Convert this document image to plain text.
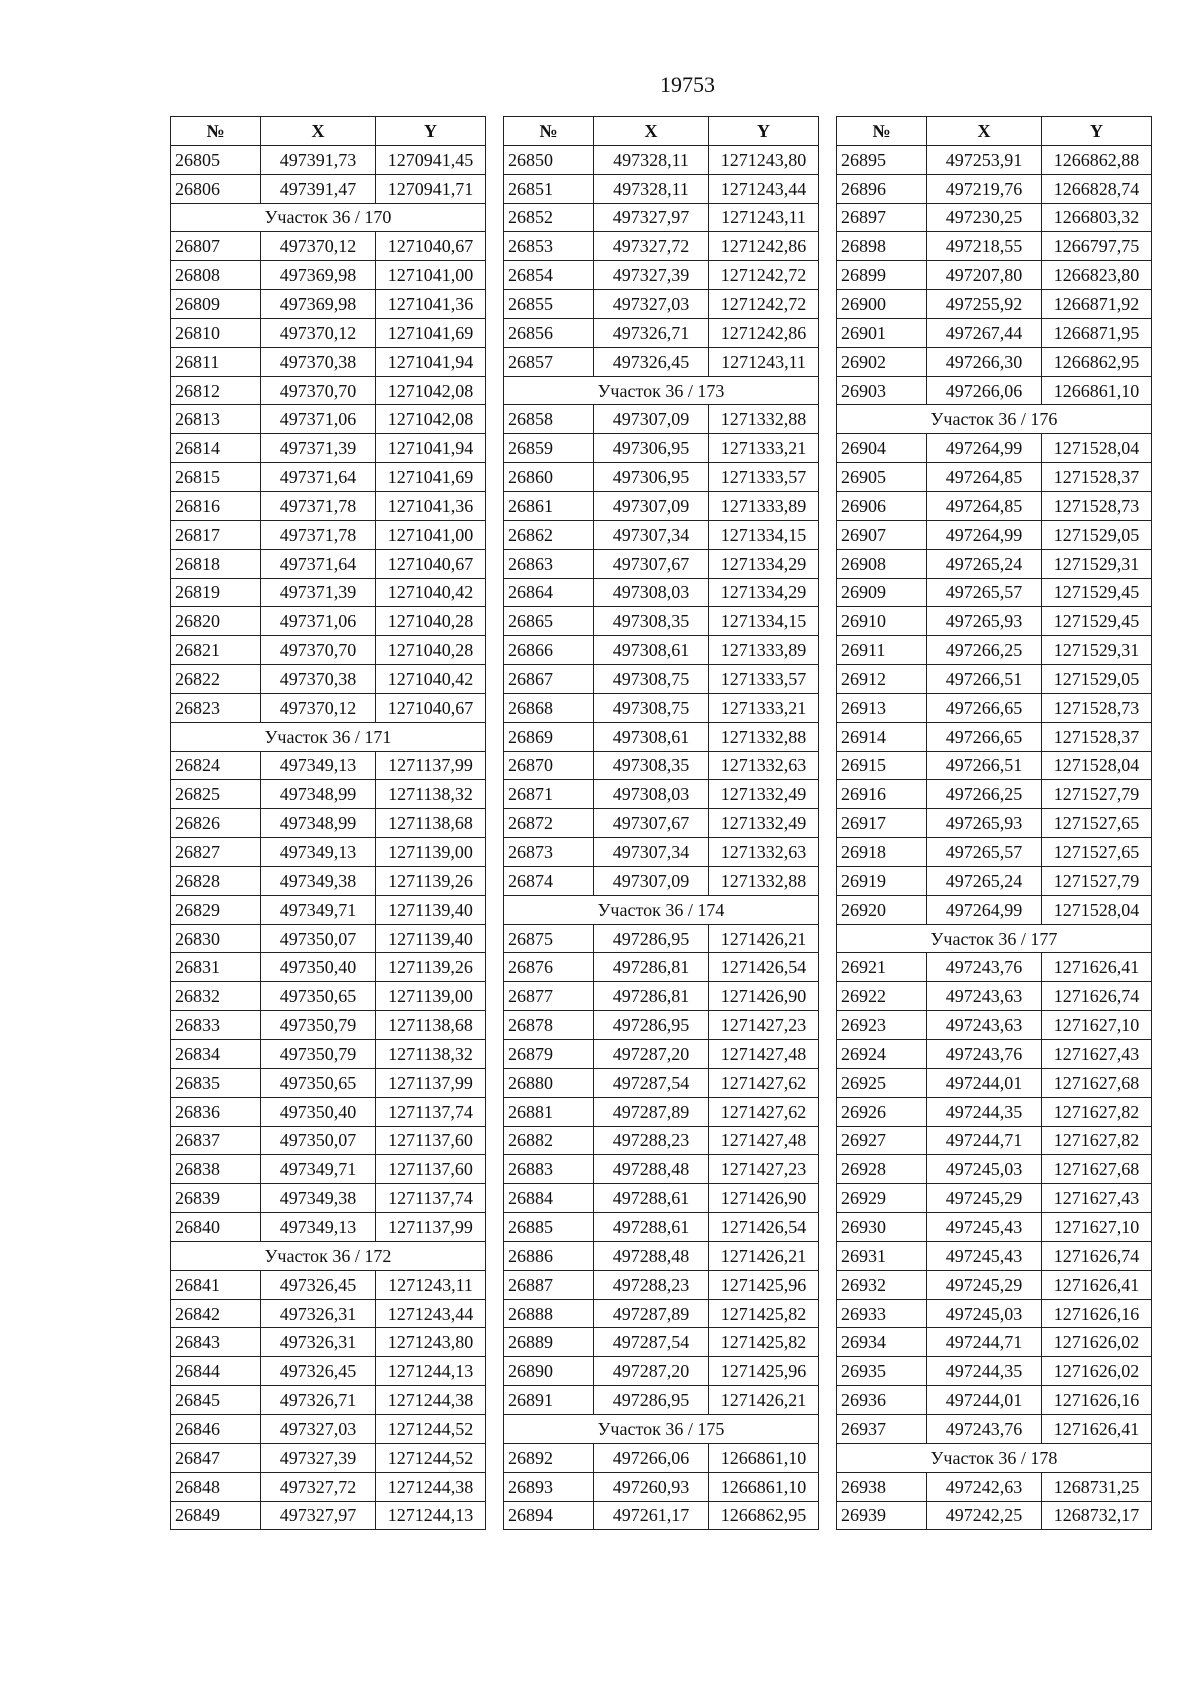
19753
№	X	Y
26805	497391,73	1270941,45
26806	497391,47	1270941,71
Участок 36 / 170		
26807	497370,12	1271040,67
26808	497369,98	1271041,00
26809	497369,98	1271041,36
26810	497370,12	1271041,69
26811	497370,38	1271041,94
26812	497370,70	1271042,08
26813	497371,06	1271042,08
26814	497371,39	1271041,94
26815	497371,64	1271041,69
26816	497371,78	1271041,36
26817	497371,78	1271041,00
26818	497371,64	1271040,67
26819	497371,39	1271040,42
26820	497371,06	1271040,28
26821	497370,70	1271040,28
26822	497370,38	1271040,42
26823	497370,12	1271040,67
Участок 36 / 171		
26824	497349,13	1271137,99
26825	497348,99	1271138,32
26826	497348,99	1271138,68
26827	497349,13	1271139,00
26828	497349,38	1271139,26
26829	497349,71	1271139,40
26830	497350,07	1271139,40
26831	497350,40	1271139,26
26832	497350,65	1271139,00
26833	497350,79	1271138,68
26834	497350,79	1271138,32
26835	497350,65	1271137,99
26836	497350,40	1271137,74
26837	497350,07	1271137,60
26838	497349,71	1271137,60
26839	497349,38	1271137,74
26840	497349,13	1271137,99
Участок 36 / 172		
26841	497326,45	1271243,11
26842	497326,31	1271243,44
26843	497326,31	1271243,80
26844	497326,45	1271244,13
26845	497326,71	1271244,38
26846	497327,03	1271244,52
26847	497327,39	1271244,52
26848	497327,72	1271244,38
26849	497327,97	1271244,13
№	X	Y
26850	497328,11	1271243,80
26851	497328,11	1271243,44
26852	497327,97	1271243,11
26853	497327,72	1271242,86
26854	497327,39	1271242,72
26855	497327,03	1271242,72
26856	497326,71	1271242,86
26857	497326,45	1271243,11
Участок 36 / 173		
26858	497307,09	1271332,88
26859	497306,95	1271333,21
26860	497306,95	1271333,57
26861	497307,09	1271333,89
26862	497307,34	1271334,15
26863	497307,67	1271334,29
26864	497308,03	1271334,29
26865	497308,35	1271334,15
26866	497308,61	1271333,89
26867	497308,75	1271333,57
26868	497308,75	1271333,21
26869	497308,61	1271332,88
26870	497308,35	1271332,63
26871	497308,03	1271332,49
26872	497307,67	1271332,49
26873	497307,34	1271332,63
26874	497307,09	1271332,88
Участок 36 / 174		
26875	497286,95	1271426,21
26876	497286,81	1271426,54
26877	497286,81	1271426,90
26878	497286,95	1271427,23
26879	497287,20	1271427,48
26880	497287,54	1271427,62
26881	497287,89	1271427,62
26882	497288,23	1271427,48
26883	497288,48	1271427,23
26884	497288,61	1271426,90
26885	497288,61	1271426,54
26886	497288,48	1271426,21
26887	497288,23	1271425,96
26888	497287,89	1271425,82
26889	497287,54	1271425,82
26890	497287,20	1271425,96
26891	497286,95	1271426,21
Участок 36 / 175		
26892	497266,06	1266861,10
26893	497260,93	1266861,10
26894	497261,17	1266862,95
№	X	Y
26895	497253,91	1266862,88
26896	497219,76	1266828,74
26897	497230,25	1266803,32
26898	497218,55	1266797,75
26899	497207,80	1266823,80
26900	497255,92	1266871,92
26901	497267,44	1266871,95
26902	497266,30	1266862,95
26903	497266,06	1266861,10
Участок 36 / 176		
26904	497264,99	1271528,04
26905	497264,85	1271528,37
26906	497264,85	1271528,73
26907	497264,99	1271529,05
26908	497265,24	1271529,31
26909	497265,57	1271529,45
26910	497265,93	1271529,45
26911	497266,25	1271529,31
26912	497266,51	1271529,05
26913	497266,65	1271528,73
26914	497266,65	1271528,37
26915	497266,51	1271528,04
26916	497266,25	1271527,79
26917	497265,93	1271527,65
26918	497265,57	1271527,65
26919	497265,24	1271527,79
26920	497264,99	1271528,04
Участок 36 / 177		
26921	497243,76	1271626,41
26922	497243,63	1271626,74
26923	497243,63	1271627,10
26924	497243,76	1271627,43
26925	497244,01	1271627,68
26926	497244,35	1271627,82
26927	497244,71	1271627,82
26928	497245,03	1271627,68
26929	497245,29	1271627,43
26930	497245,43	1271627,10
26931	497245,43	1271626,74
26932	497245,29	1271626,41
26933	497245,03	1271626,16
26934	497244,71	1271626,02
26935	497244,35	1271626,02
26936	497244,01	1271626,16
26937	497243,76	1271626,41
Участок 36 / 178		
26938	497242,63	1268731,25
26939	497242,25	1268732,17
